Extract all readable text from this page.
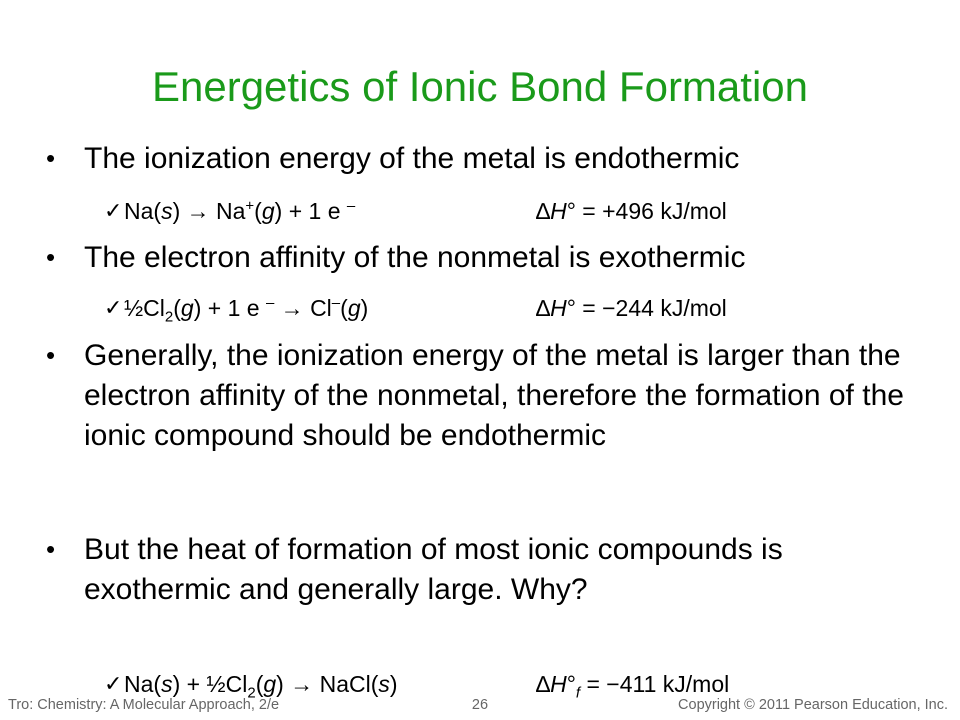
Energetics of Ionic Bond Formation
• The ionization energy of the metal is endothermic
✓ Na(s) → Na+(g) + 1 e –	∆H° = +496 kJ/mol
• The electron affinity of the nonmetal is exothermic
✓ $\frac{1}{2}Cl_2(g) + 1$ e – → Cl–(g)	∆H° = −244 kJ/mol
• Generally, the ionization energy of the metal is larger than the electron affinity of the nonmetal, therefore the formation of the ionic compound should be endothermic
• But the heat of formation of most ionic compounds is exothermic and generally large. Why?
✓ $Na(s) + \frac{1}{2}Cl_2(g)$ → NaCl(s)	$\Delta H^\circ_f = -411$ kJ/mol
Tro: Chemistry: A Molecular Approach, 2/e	26	Copyright © 2011 Pearson Education, Inc.
